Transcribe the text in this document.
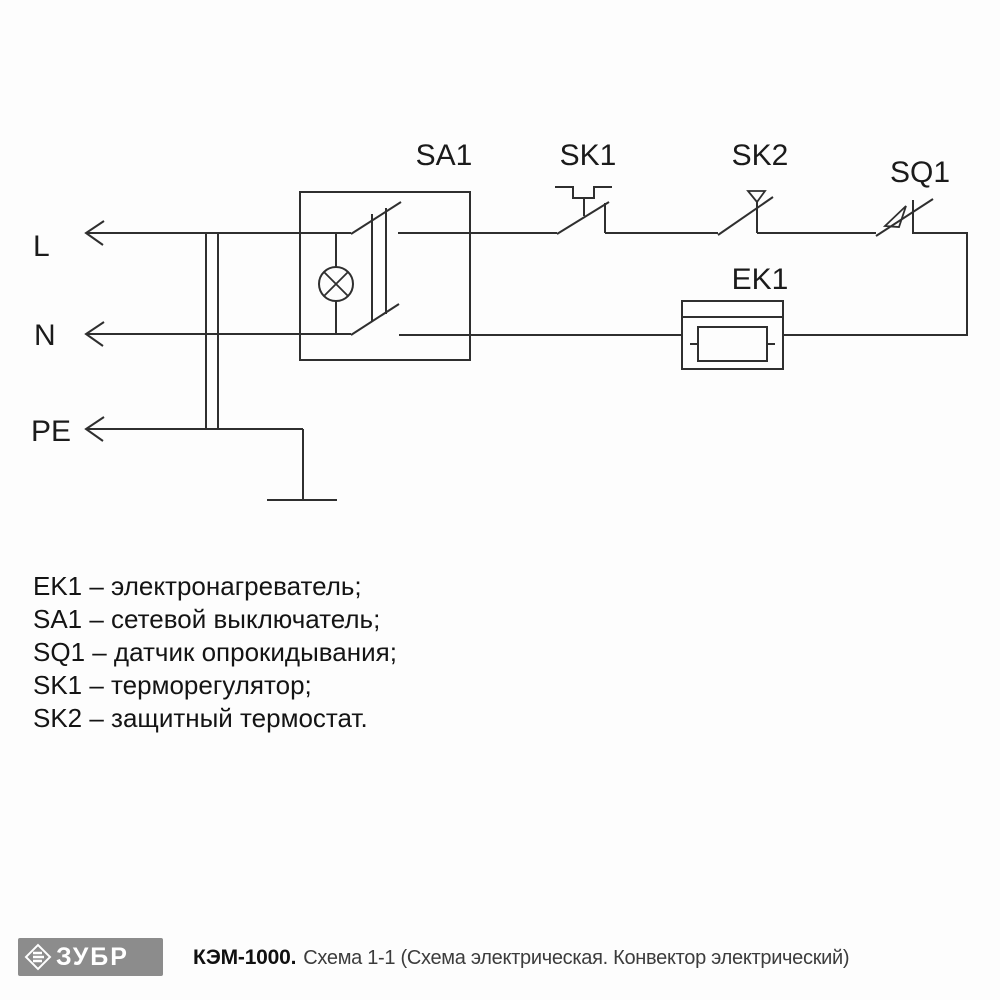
L
N
PE
SA1	SK1	SK2
SQ1
EK1
EK1 – электронагреватель;
SA1 – сетевой выключатель;
SQ1 – датчик опрокидывания;
SK1 – терморегулятор;
SK2 – защитный термостат.
ЗУБР	КЭМ-1000. Схема 1-1 (Схема электрическая. Конвектор электрический)
